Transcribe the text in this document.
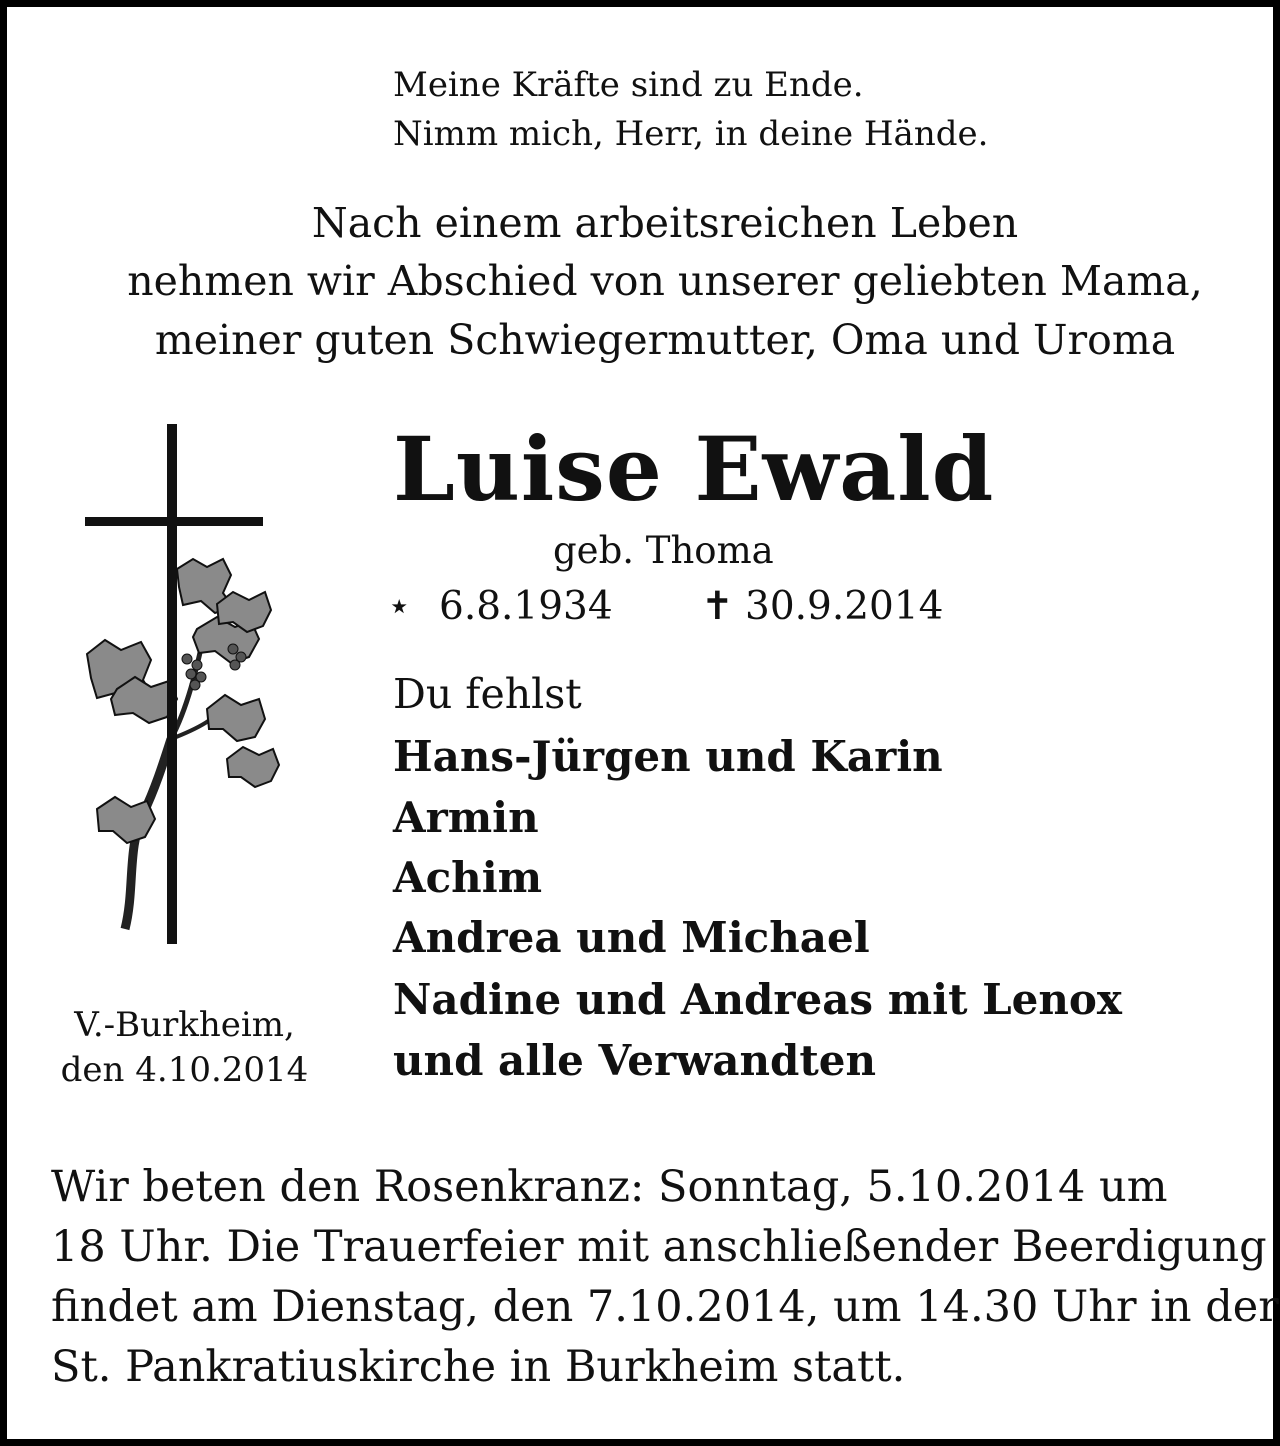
Meine Kräfte sind zu Ende.
Nimm mich, Herr, in deine Hände.
Nach einem arbeitsreichen Leben
nehmen wir Abschied von unserer geliebten Mama,
meiner guten Schwiegermutter, Oma und Uroma
Luise Ewald
geb. Thoma
⋆ 6.8.1934 ✝ 30.9.2014
Du fehlst
Hans-Jürgen und Karin
Armin
Achim
Andrea und Michael
Nadine und Andreas mit Lenox
und alle Verwandten
V.-Burkheim,
den 4.10.2014
Wir beten den Rosenkranz: Sonntag, 5.10.2014 um
18 Uhr. Die Trauerfeier mit anschließender Beerdigung
findet am Dienstag, den 7.10.2014, um 14.30 Uhr in der
St. Pankratiuskirche in Burkheim statt.
